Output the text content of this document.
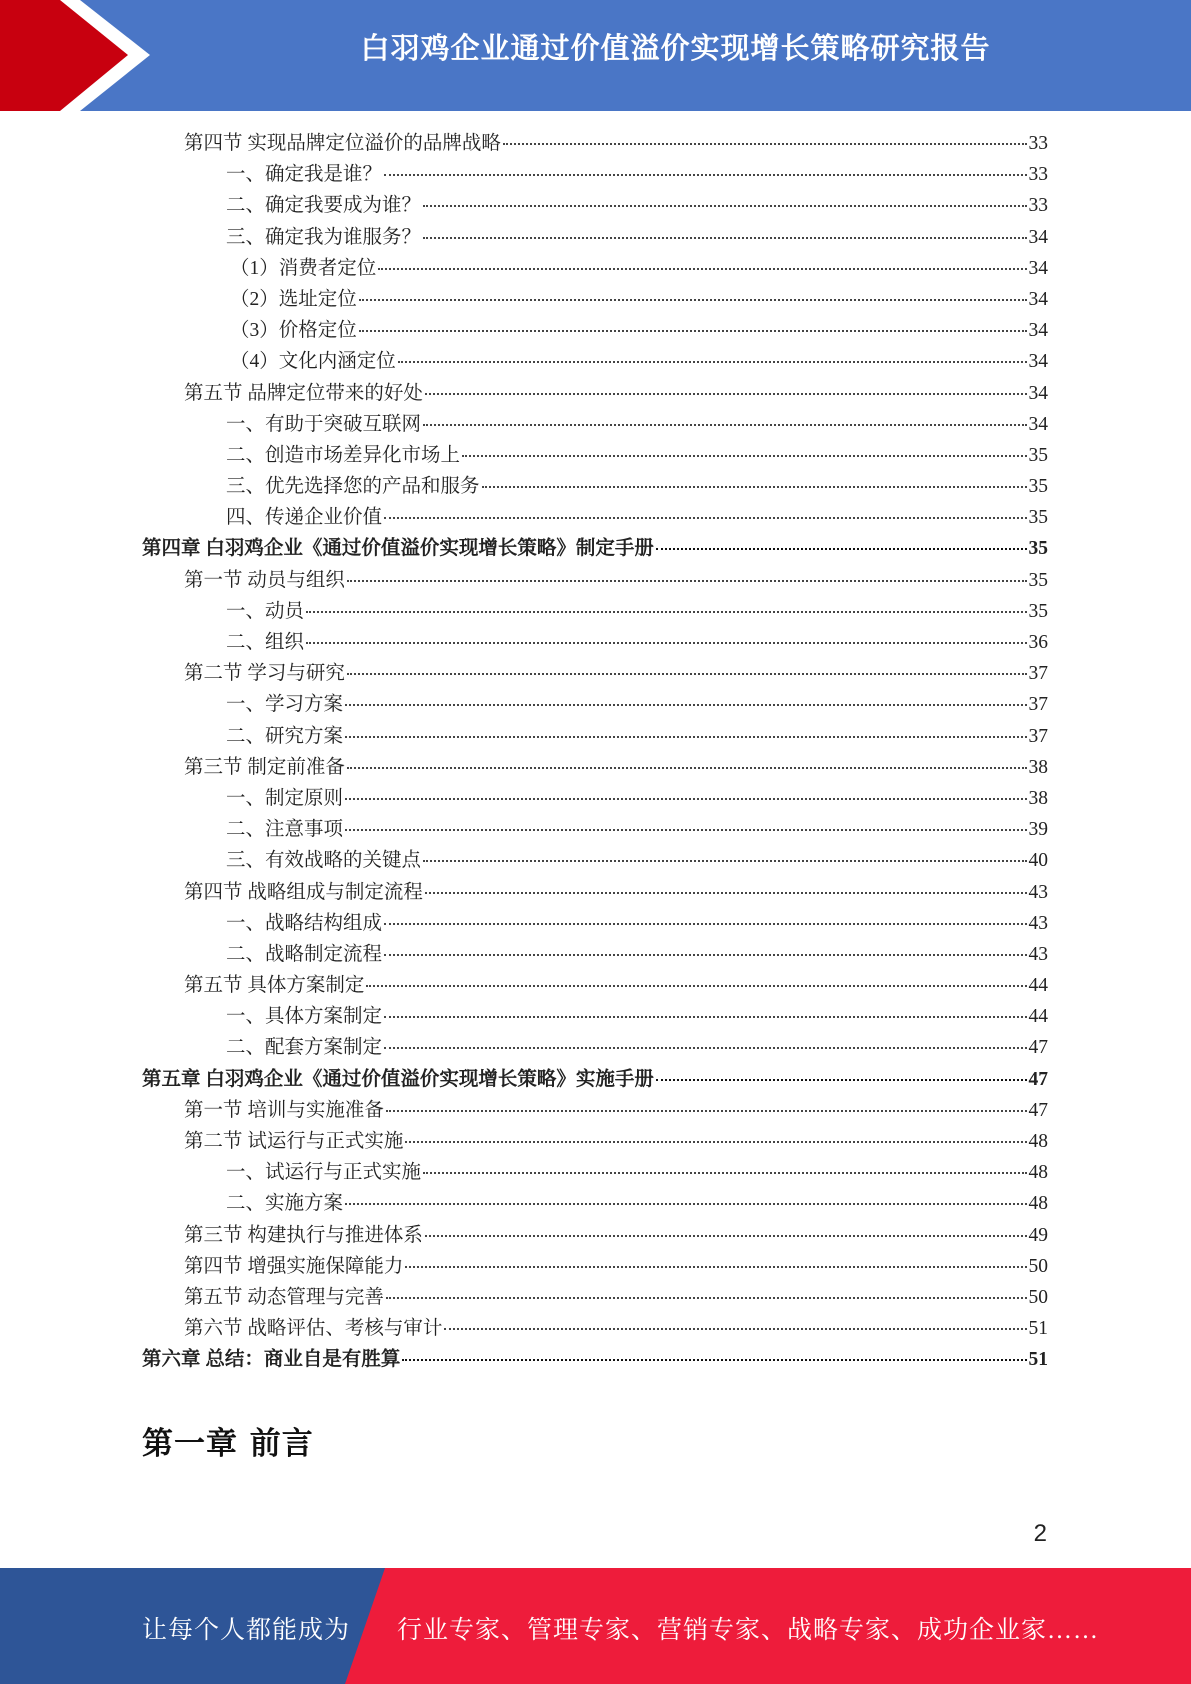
白羽鸡企业通过价值溢价实现增长策略研究报告
第四节 实现品牌定位溢价的品牌战略	33
一、确定我是谁？	33
二、确定我要成为谁？	33
三、确定我为谁服务？	34
（1）消费者定位	34
（2）选址定位	34
（3）价格定位	34
（4）文化内涵定位	34
第五节 品牌定位带来的好处	34
一、有助于突破互联网	34
二、创造市场差异化市场上	35
三、优先选择您的产品和服务	35
四、传递企业价值	35
第四章 白羽鸡企业《通过价值溢价实现增长策略》制定手册	35
第一节 动员与组织	35
一、动员	35
二、组织	36
第二节 学习与研究	37
一、学习方案	37
二、研究方案	37
第三节 制定前准备	38
一、制定原则	38
二、注意事项	39
三、有效战略的关键点	40
第四节 战略组成与制定流程	43
一、战略结构组成	43
二、战略制定流程	43
第五节 具体方案制定	44
一、具体方案制定	44
二、配套方案制定	47
第五章 白羽鸡企业《通过价值溢价实现增长策略》实施手册	47
第一节 培训与实施准备	47
第二节 试运行与正式实施	48
一、试运行与正式实施	48
二、实施方案	48
第三节 构建执行与推进体系	49
第四节 增强实施保障能力	50
第五节 动态管理与完善	50
第六节 战略评估、考核与审计	51
第六章 总结：商业自是有胜算	51
第一章 前言
2
让每个人都能成为 行业专家、管理专家、营销专家、战略专家、成功企业家……
